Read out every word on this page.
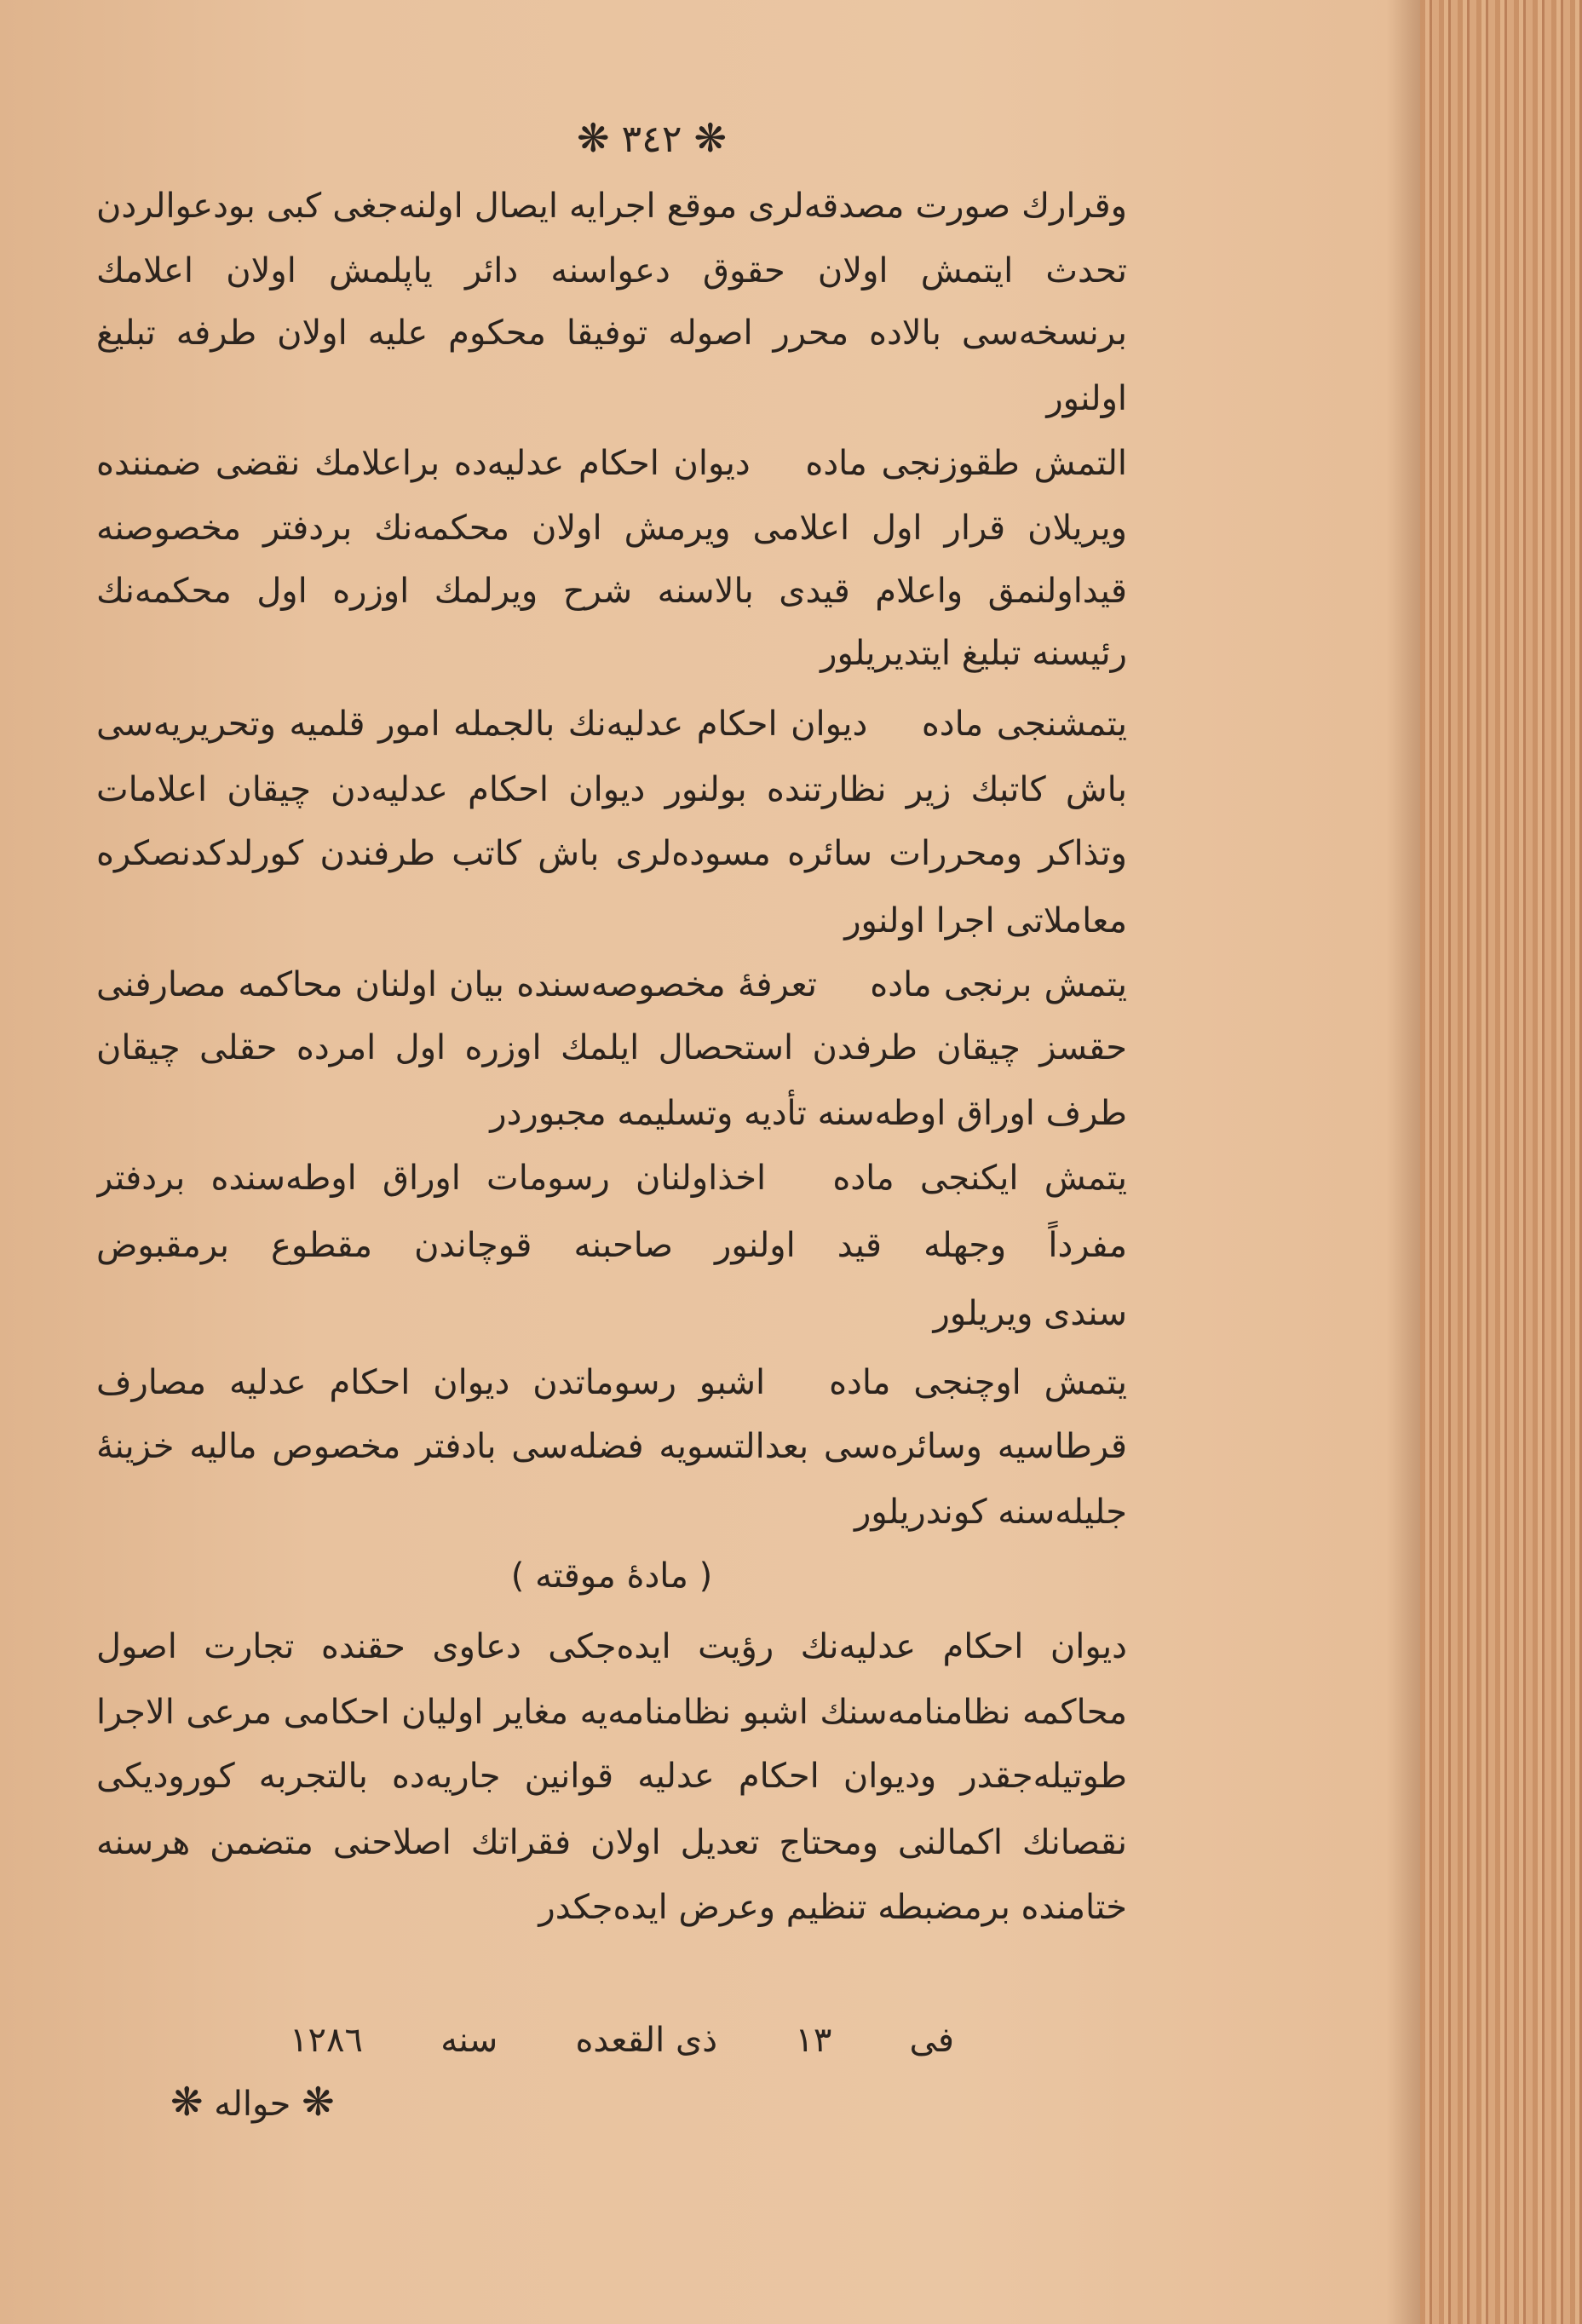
❋ ٣٤٢ ❋
وقرارك صورت مصدقه‌لری موقع اجرایه ایصال اولنه‌جغی کبی بودعوالردن
تحدث ایتمش اولان حقوق دعواسنه دائر یاپلمش اولان اعلامك
برنسخه‌سی بالاده محرر اصوله توفیقا محکوم علیه اولان طرفه تبلیغ
اولنور
التمش طقوزنجی ماده دیوان احکام عدلیه‌ده براعلامك نقضی ضمننده
ویریلان قرار اول اعلامی ویرمش اولان محکمه‌نك بردفتر مخصوصنه
قیداولنمق واعلام قیدی بالاسنه شرح ویرلمك اوزره اول محکمه‌نك
رئیسنه تبلیغ ایتدیریلور
یتمشنجی ماده دیوان احکام عدلیه‌نك بالجمله امور قلمیه وتحریریه‌سی
باش کاتبك زیر نظارتنده بولنور دیوان احکام عدلیه‌دن چیقان اعلامات
وتذاکر ومحررات سائره مسوده‌لری باش کاتب طرفندن کورلدکدنصکره
معاملاتی اجرا اولنور
یتمش برنجی ماده تعرفهٔ مخصوصه‌سنده بیان اولنان محاکمه مصارفنی
حقسز چیقان طرفدن استحصال ایلمك اوزره اول امرده حقلی چیقان
طرف اوراق اوطه‌سنه تأدیه وتسلیمه مجبوردر
یتمش ایکنجی ماده اخذاولنان رسومات اوراق اوطه‌سنده بردفتر
مفرداً وجهله قید اولنور صاحبنه قوچاندن مقطوع برمقبوض
سندی ویریلور
یتمش اوچنجی ماده اشبو رسوماتدن دیوان احکام عدلیه مصارف
قرطاسیه وسائره‌سی بعدالتسویه فضله‌سی بادفتر مخصوص مالیه خزینهٔ
جلیله‌سنه کوندریلور
( مادهٔ موقته )
دیوان احکام عدلیه‌نك رؤیت ایده‌جکی دعاوی حقنده تجارت اصول
محاکمه نظامنامه‌سنك اشبو نظامنامه‌یه مغایر اولیان احکامی مرعی الاجرا
طوتیله‌جقدر ودیوان احکام عدلیه قوانین جاریه‌ده بالتجربه کورودیکی
نقصانك اکمالنی ومحتاج تعدیل اولان فقراتك اصلاحنی متضمن هرسنه
ختامنده برمضبطه تنظیم وعرض ایده‌جکدر
فی
١٣
ذی القعده
سنه
١٢٨٦
❋ حواله ❋
